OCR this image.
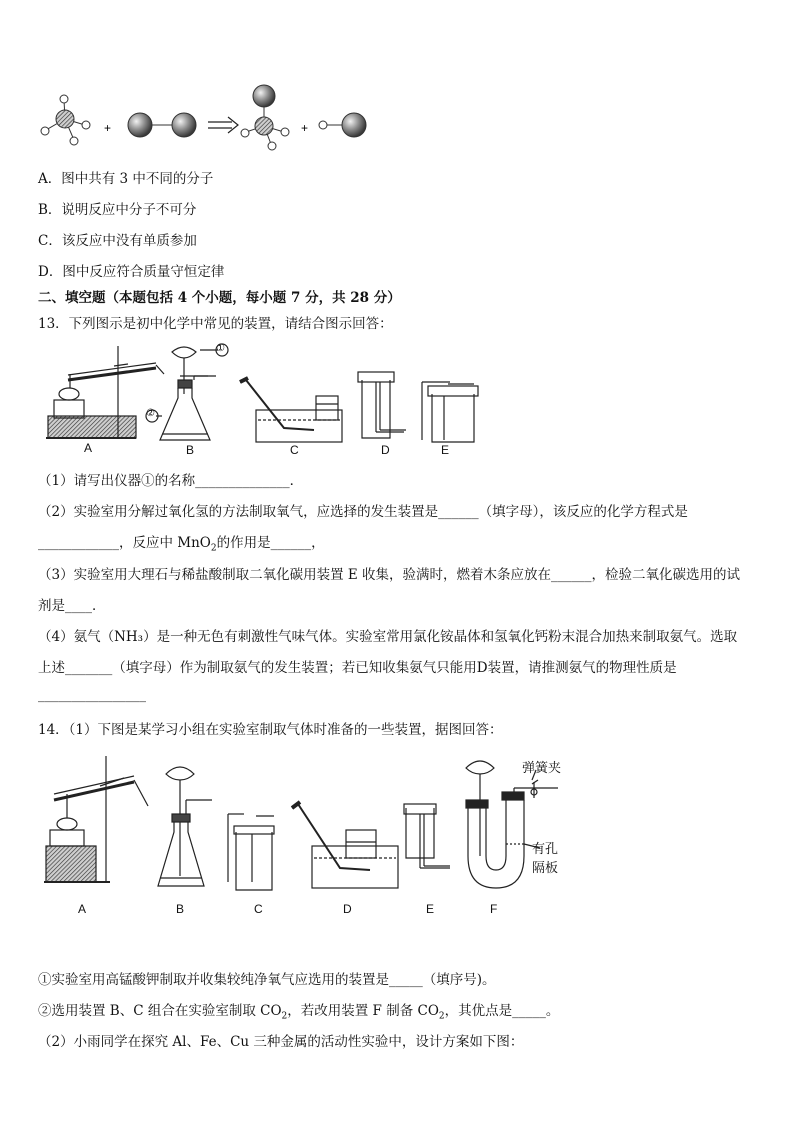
+	+
A．图中共有 3 中不同的分子
B．说明反应中分子不可分
C．该反应中没有单质参加
D．图中反应符合质量守恒定律
二、填空题（本题包括 4 个小题，每小题 7 分，共 28 分）
13．下列图示是初中化学中常见的装置，请结合图示回答：
A	B	C	D	E
①
②
（1）请写出仪器①的名称______________．
（2）实验室用分解过氧化氢的方法制取氧气，应选择的发生装置是______（填字母），该反应的化学方程式是
____________，反应中 MnO$_2$的作用是______，
（3）实验室用大理石与稀盐酸制取二氧化碳用装置 E 收集，验满时，燃着木条应放在______，检验二氧化碳选用的试
剂是____．
（4）氨气（NH₃）是一种无色有刺激性气味气体。实验室常用氯化铵晶体和氢氧化钙粉末混合加热来制取氨气。选取
上述_______（填字母）作为制取氨气的发生装置；若已知收集氨气只能用D装置，请推测氨气的物理性质是
________________
14．（1）下图是某学习小组在实验室制取气体时准备的一些装置，据图回答：
弹簧夹
有孔
隔板
A	B	C	D	E	F
①实验室用高锰酸钾制取并收集较纯净氧气应选用的装置是_____（填序号)。
②选用装置 B、C 组合在实验室制取 $CO_2$，若改用装置 F 制备 $CO_2$，其优点是_____。
（2）小雨同学在探究 Al、Fe、Cu 三种金属的活动性实验中，设计方案如下图：
